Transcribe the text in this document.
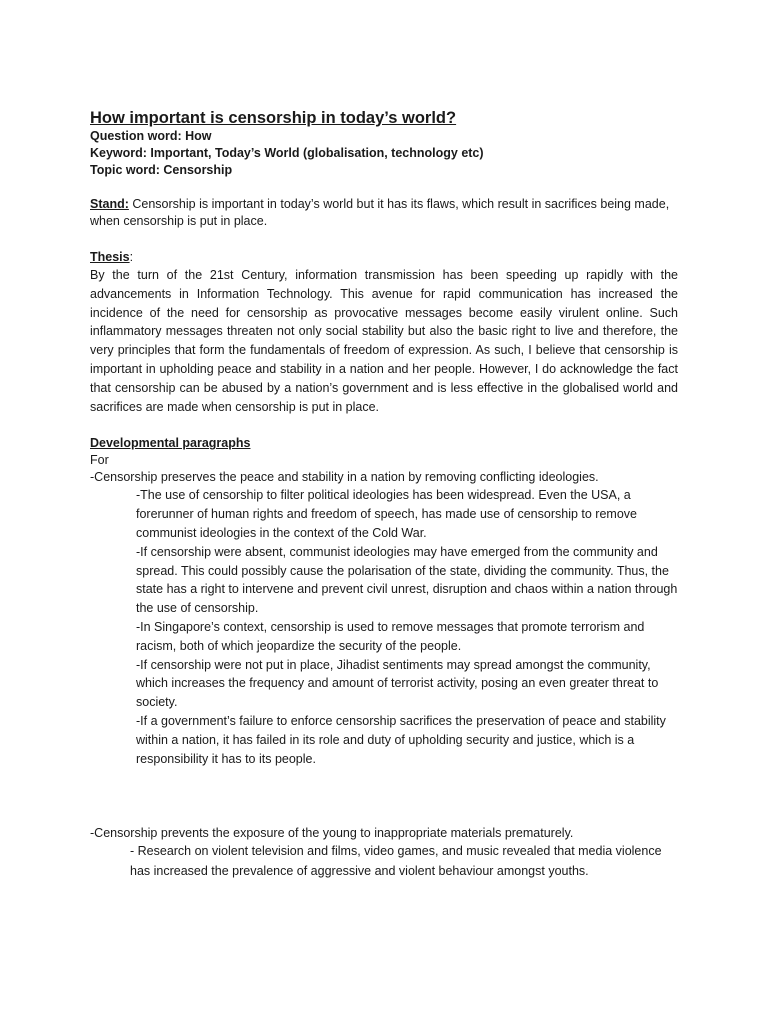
How important is censorship in today’s world?

Question word: How

Keyword: Important, Today’s World (globalisation, technology etc)

Topic word: Censorship

Stand: Censorship is important in today’s world but it has its flaws, which result in sacrifices being made, when censorship is put in place.
Thesis:

By the turn of the 21st Century, information transmission has been speeding up rapidly with the advancements in Information Technology. This avenue for rapid communication has increased the incidence of the need for censorship as provocative messages become easily virulent online. Such inflammatory messages threaten not only social stability but also the basic right to live and therefore, the very principles that form the fundamentals of freedom of expression. As such, I believe that censorship is important in upholding peace and stability in a nation and her people. However, I do acknowledge the fact that censorship can be abused by a nation’s government and is less effective in the globalised world and sacrifices are made when censorship is put in place.

Developmental paragraphs

For

-Censorship preserves the peace and stability in a nation by removing conflicting ideologies.

-The use of censorship to filter political ideologies has been widespread. Even the USA, a forerunner of human rights and freedom of speech, has made use of censorship to remove communist ideologies in the context of the Cold War.

-If censorship were absent, communist ideologies may have emerged from the community and spread. This could possibly cause the polarisation of the state, dividing the community. Thus, the state has a right to intervene and prevent civil unrest, disruption and chaos within a nation through the use of censorship.

-In Singapore’s context, censorship is used to remove messages that promote terrorism and racism, both of which jeopardize the security of the people.

-If censorship were not put in place, Jihadist sentiments may spread amongst the community, which increases the frequency and amount of terrorist activity, posing an even greater threat to society.

-If a government’s failure to enforce censorship sacrifices the preservation of peace and stability within a nation, it has failed in its role and duty of upholding security and justice, which is a responsibility it has to its people.

-Censorship prevents the exposure of the young to inappropriate materials prematurely.

- Research on violent television and films, video games, and music revealed that media violence has increased the prevalence of aggressive and violent behaviour amongst youths.
